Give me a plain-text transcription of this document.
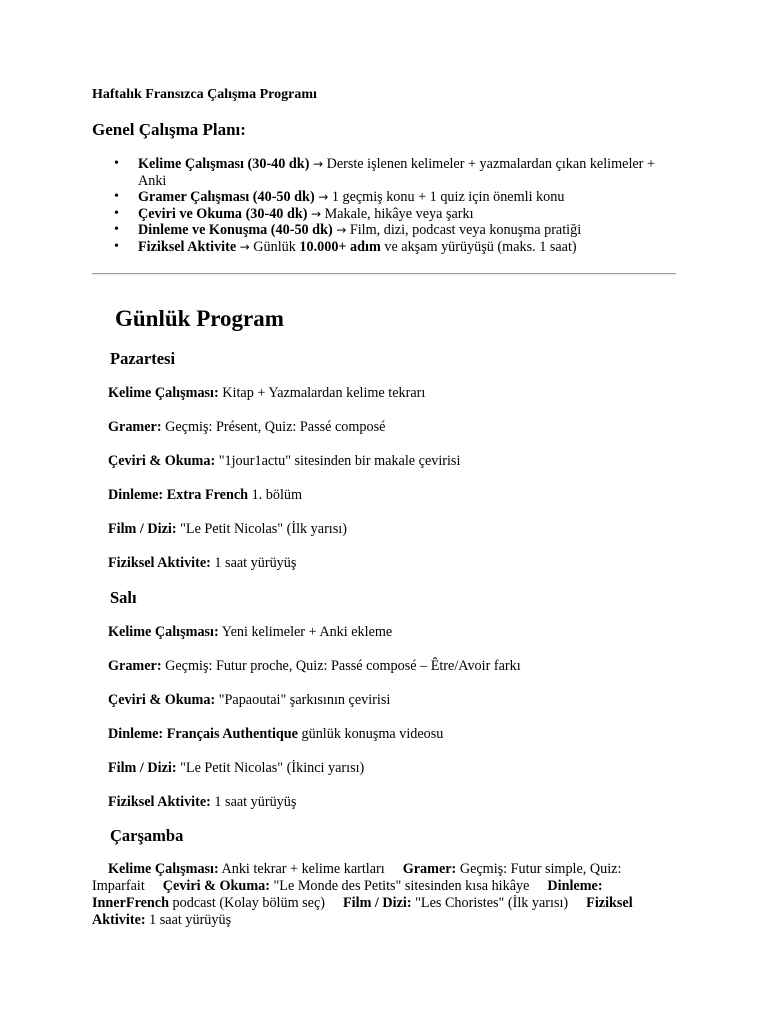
Haftalık Fransızca Çalışma Programı
Genel Çalışma Planı:
• Kelime Çalışması (30-40 dk) → Derste işlenen kelimeler + yazmalardan çıkan kelimeler + Anki
• Gramer Çalışması (40-50 dk) → 1 geçmiş konu + 1 quiz için önemli konu
• Çeviri ve Okuma (30-40 dk) → Makale, hikâye veya şarkı
• Dinleme ve Konuşma (40-50 dk) → Film, dizi, podcast veya konuşma pratiği
• Fiziksel Aktivite → Günlük 10.000+ adım ve akşam yürüyüşü (maks. 1 saat)
Günlük Program
Pazartesi
Kelime Çalışması: Kitap + Yazmalardan kelime tekrarı
Gramer: Geçmiş: Présent, Quiz: Passé composé
Çeviri & Okuma: "1jour1actu" sitesinden bir makale çevirisi
Dinleme: Extra French 1. bölüm
Film / Dizi: "Le Petit Nicolas" (İlk yarısı)
Fiziksel Aktivite: 1 saat yürüyüş
Salı
Kelime Çalışması: Yeni kelimeler + Anki ekleme
Gramer: Geçmiş: Futur proche, Quiz: Passé composé – Être/Avoir farkı
Çeviri & Okuma: "Papaoutai" şarkısının çevirisi
Dinleme: Français Authentique günlük konuşma videosu
Film / Dizi: "Le Petit Nicolas" (İkinci yarısı)
Fiziksel Aktivite: 1 saat yürüyüş
Çarşamba
Kelime Çalışması: Anki tekrar + kelime kartları Gramer: Geçmiş: Futur simple, Quiz: Imparfait Çeviri & Okuma: "Le Monde des Petits" sitesinden kısa hikâye Dinleme: InnerFrench podcast (Kolay bölüm seç) Film / Dizi: "Les Choristes" (İlk yarısı) Fiziksel Aktivite: 1 saat yürüyüş
